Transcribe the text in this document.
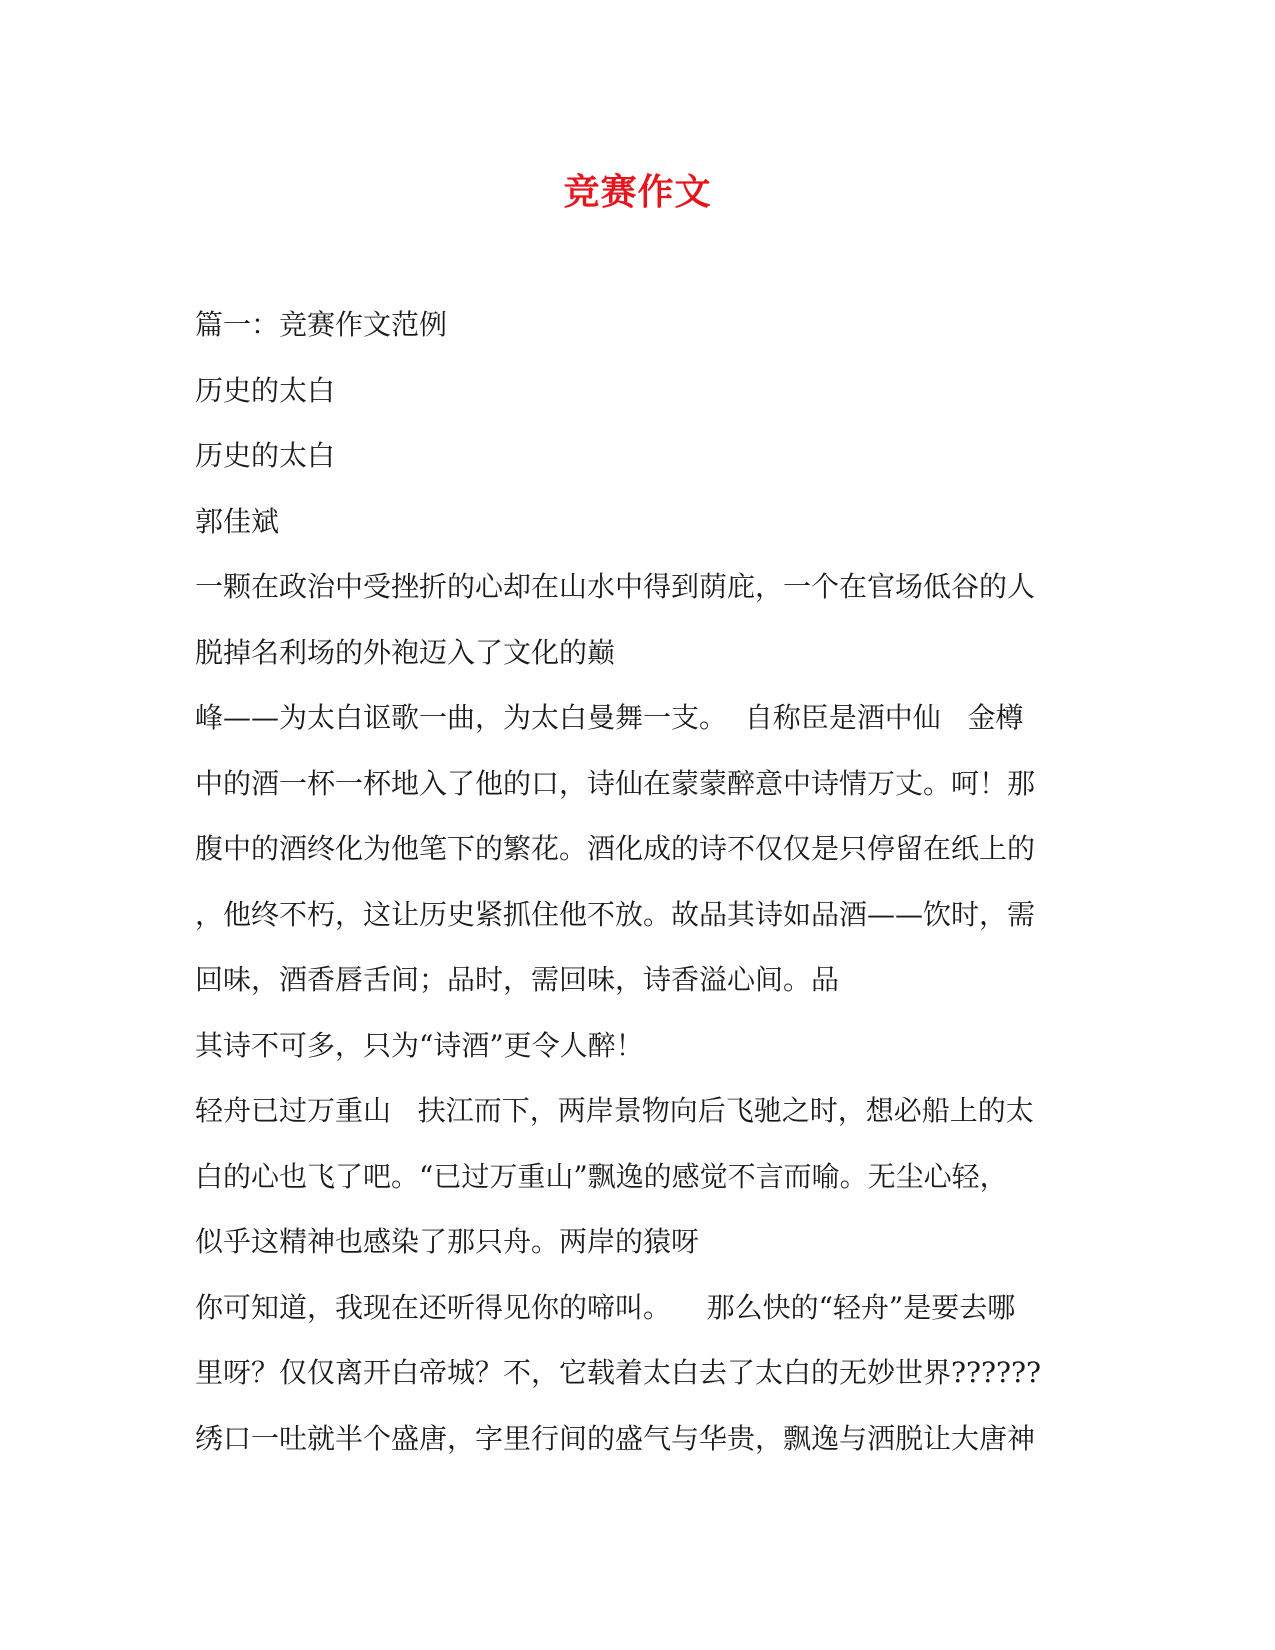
竞赛作文
篇一：竞赛作文范例
历史的太白
历史的太白
郭佳斌
一颗在政治中受挫折的心却在山水中得到荫庇，一个在官场低谷的人
脱掉名利场的外袍迈入了文化的巅
峰——为太白讴歌一曲，为太白曼舞一支。  自称臣是酒中仙   金樽
中的酒一杯一杯地入了他的口，诗仙在蒙蒙醉意中诗情万丈。呵！那
腹中的酒终化为他笔下的繁花。酒化成的诗不仅仅是只停留在纸上的
，他终不朽，这让历史紧抓住他不放。故品其诗如品酒——饮时，需
回味，酒香唇舌间；品时，需回味，诗香溢心间。品
其诗不可多，只为“诗酒”更令人醉！
轻舟已过万重山   扶江而下，两岸景物向后飞驰之时，想必船上的太
白的心也飞了吧。“已过万重山”飘逸的感觉不言而喻。无尘心轻，
似乎这精神也感染了那只舟。两岸的猿呀
你可知道，我现在还听得见你的啼叫。    那么快的“轻舟”是要去哪
里呀？仅仅离开白帝城？不，它载着太白去了太白的无妙世界??????
绣口一吐就半个盛唐，字里行间的盛气与华贵，飘逸与洒脱让大唐神
